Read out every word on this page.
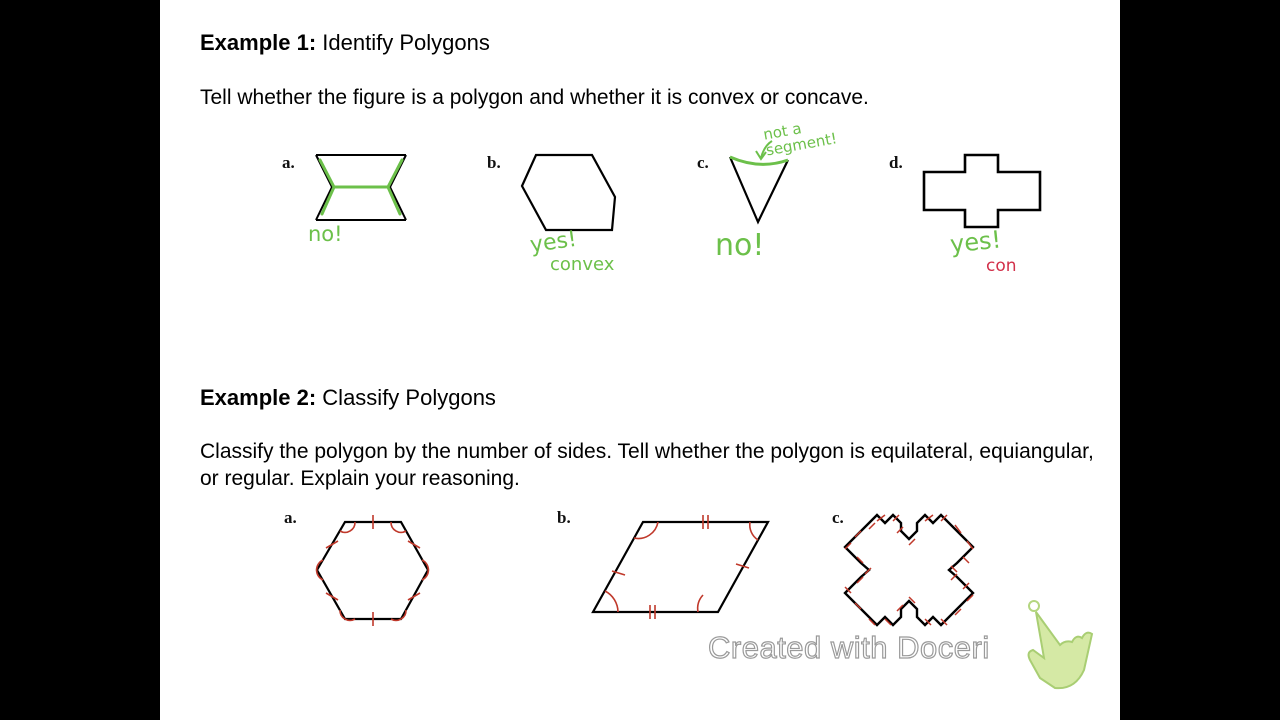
Example 1: Identify Polygons
Tell whether the figure is a polygon and whether it is convex or concave.
a.
no!
b.
yes!
convex
c.
not a segment!
no!
d.
yes!
con
Example 2: Classify Polygons
Classify the polygon by the number of sides. Tell whether the polygon is equilateral, equiangular, or regular. Explain your reasoning.
a.	b.	c.
Created with Doceri
